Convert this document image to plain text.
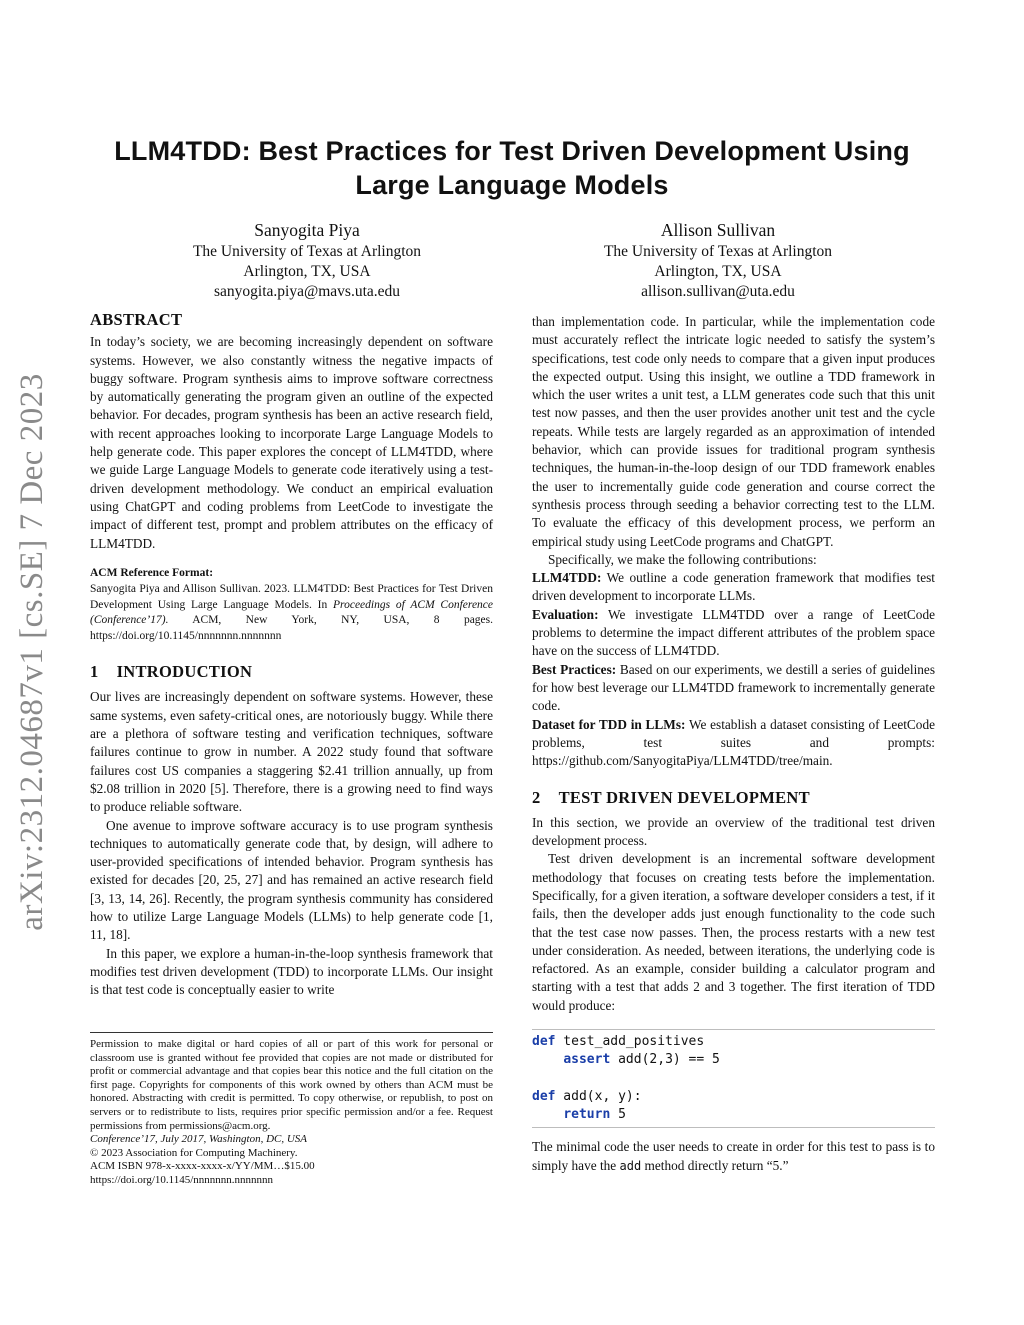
arXiv:2312.04687v1 [cs.SE] 7 Dec 2023
LLM4TDD: Best Practices for Test Driven Development Using
Large Language Models
Sanyogita Piya
The University of Texas at Arlington
Arlington, TX, USA
sanyogita.piya@mavs.uta.edu
Allison Sullivan
The University of Texas at Arlington
Arlington, TX, USA
allison.sullivan@uta.edu
ABSTRACT

In today’s society, we are becoming increasingly dependent on software systems. However, we also constantly witness the negative impacts of buggy software. Program synthesis aims to improve software correctness by automatically generating the program given an outline of the expected behavior. For decades, program synthesis has been an active research field, with recent approaches looking to incorporate Large Language Models to help generate code. This paper explores the concept of LLM4TDD, where we guide Large Language Models to generate code iteratively using a test-driven development methodology. We conduct an empirical evaluation using ChatGPT and coding problems from LeetCode to investigate the impact of different test, prompt and problem attributes on the efficacy of LLM4TDD.

ACM Reference Format:
Sanyogita Piya and Allison Sullivan. 2023. LLM4TDD: Best Practices for Test Driven Development Using Large Language Models. In Proceedings of ACM Conference (Conference’17). ACM, New York, NY, USA, 8 pages. https://doi.org/10.1145/nnnnnnn.nnnnnnn
1 INTRODUCTION

Our lives are increasingly dependent on software systems. However, these same systems, even safety-critical ones, are notoriously buggy. While there are a plethora of software testing and verification techniques, software failures continue to grow in number. A 2022 study found that software failures cost US companies a staggering $2.41 trillion annually, up from $2.08 trillion in 2020 [5]. Therefore, there is a growing need to find ways to produce reliable software.

One avenue to improve software accuracy is to use program synthesis techniques to automatically generate code that, by design, will adhere to user-provided specifications of intended behavior. Program synthesis has existed for decades [20, 25, 27] and has remained an active research field [3, 13, 14, 26]. Recently, the program synthesis community has considered how to utilize Large Language Models (LLMs) to help generate code [1, 11, 18].

In this paper, we explore a human-in-the-loop synthesis framework that modifies test driven development (TDD) to incorporate LLMs. Our insight is that test code is conceptually easier to write

Permission to make digital or hard copies of all or part of this work for personal or classroom use is granted without fee provided that copies are not made or distributed for profit or commercial advantage and that copies bear this notice and the full citation on the first page. Copyrights for components of this work owned by others than ACM must be honored. Abstracting with credit is permitted. To copy otherwise, or republish, to post on servers or to redistribute to lists, requires prior specific permission and/or a fee. Request permissions from permissions@acm.org.
Conference’17, July 2017, Washington, DC, USA
© 2023 Association for Computing Machinery.
ACM ISBN 978-x-xxxx-xxxx-x/YY/MM…$15.00
https://doi.org/10.1145/nnnnnnn.nnnnnnn

than implementation code. In particular, while the implementation code must accurately reflect the intricate logic needed to satisfy the system’s specifications, test code only needs to compare that a given input produces the expected output. Using this insight, we outline a TDD framework in which the user writes a unit test, a LLM generates code such that this unit test now passes, and then the user provides another unit test and the cycle repeats. While tests are largely regarded as an approximation of intended behavior, which can provide issues for traditional program synthesis techniques, the human-in-the-loop design of our TDD framework enables the user to incrementally guide code generation and course correct the synthesis process through seeding a behavior correcting test to the LLM. To evaluate the efficacy of this development process, we perform an empirical study using LeetCode programs and ChatGPT.

Specifically, we make the following contributions:

LLM4TDD: We outline a code generation framework that modifies test driven development to incorporate LLMs.

Evaluation: We investigate LLM4TDD over a range of LeetCode problems to determine the impact different attributes of the problem space have on the success of LLM4TDD.

Best Practices: Based on our experiments, we destill a series of guidelines for how best leverage our LLM4TDD framework to incrementally generate code.

Dataset for TDD in LLMs: We establish a dataset consisting of LeetCode problems, test suites and prompts: https://github.com/SanyogitaPiya/LLM4TDD/tree/main.

2 TEST DRIVEN DEVELOPMENT

In this section, we provide an overview of the traditional test driven development process.

Test driven development is an incremental software development methodology that focuses on creating tests before the implementation. Specifically, for a given iteration, a software developer considers a test, if it fails, then the developer adds just enough functionality to the code such that the test case now passes. Then, the process restarts with a new test under consideration. As needed, between iterations, the underlying code is refactored. As an example, consider building a calculator program and starting with a test that adds 2 and 3 together. The first iteration of TDD would produce:

def test_add_positives
assert add(2,3) == 5

def add(x, y):
return 5

The minimal code the user needs to create in order for this test to pass is to simply have the add method directly return “5.”
